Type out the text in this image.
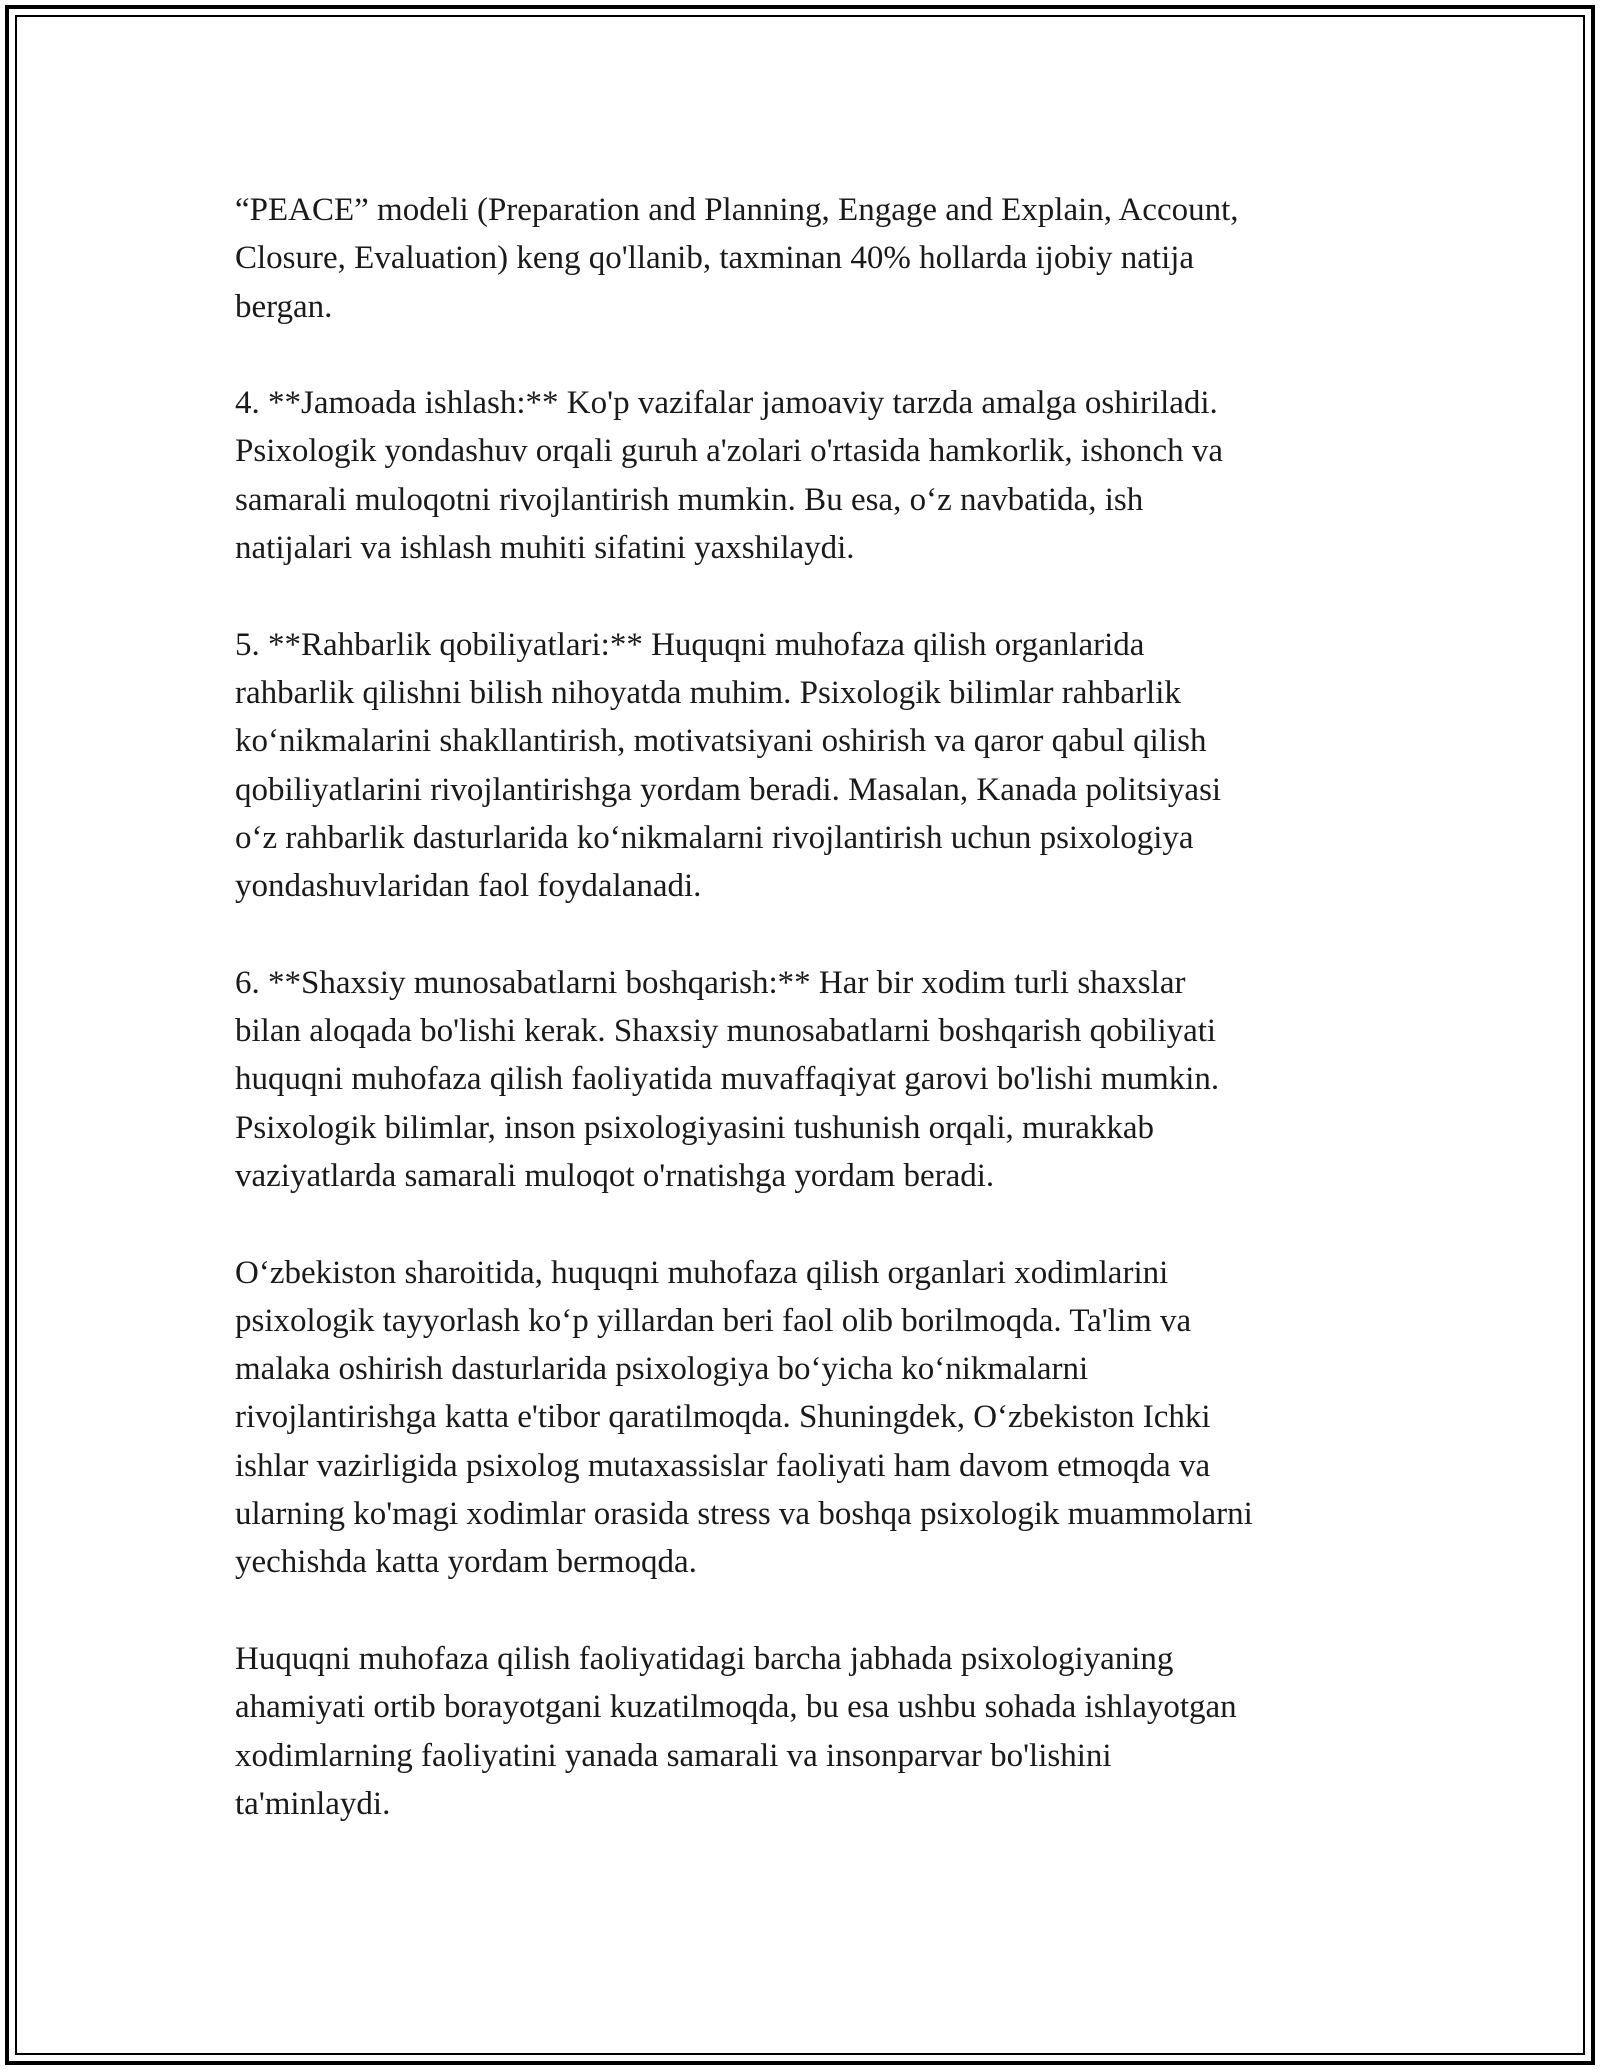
“PEACE” modeli (Preparation and Planning, Engage and Explain, Account,
Closure, Evaluation) keng qo'llanib, taxminan 40% hollarda ijobiy natija
bergan.

4. **Jamoada ishlash:** Ko'p vazifalar jamoaviy tarzda amalga oshiriladi.
Psixologik yondashuv orqali guruh a'zolari o'rtasida hamkorlik, ishonch va
samarali muloqotni rivojlantirish mumkin. Bu esa, o‘z navbatida, ish
natijalari va ishlash muhiti sifatini yaxshilaydi.

5. **Rahbarlik qobiliyatlari:** Huquqni muhofaza qilish organlarida
rahbarlik qilishni bilish nihoyatda muhim. Psixologik bilimlar rahbarlik
ko‘nikmalarini shakllantirish, motivatsiyani oshirish va qaror qabul qilish
qobiliyatlarini rivojlantirishga yordam beradi. Masalan, Kanada politsiyasi
o‘z rahbarlik dasturlarida ko‘nikmalarni rivojlantirish uchun psixologiya
yondashuvlaridan faol foydalanadi.

6. **Shaxsiy munosabatlarni boshqarish:** Har bir xodim turli shaxslar
bilan aloqada bo'lishi kerak. Shaxsiy munosabatlarni boshqarish qobiliyati
huquqni muhofaza qilish faoliyatida muvaffaqiyat garovi bo'lishi mumkin.
Psixologik bilimlar, inson psixologiyasini tushunish orqali, murakkab
vaziyatlarda samarali muloqot o'rnatishga yordam beradi.

O‘zbekiston sharoitida, huquqni muhofaza qilish organlari xodimlarini
psixologik tayyorlash ko‘p yillardan beri faol olib borilmoqda. Ta'lim va
malaka oshirish dasturlarida psixologiya bo‘yicha ko‘nikmalarni
rivojlantirishga katta e'tibor qaratilmoqda. Shuningdek, O‘zbekiston Ichki
ishlar vazirligida psixolog mutaxassislar faoliyati ham davom etmoqda va
ularning ko'magi xodimlar orasida stress va boshqa psixologik muammolarni
yechishda katta yordam bermoqda.

Huquqni muhofaza qilish faoliyatidagi barcha jabhada psixologiyaning
ahamiyati ortib borayotgani kuzatilmoqda, bu esa ushbu sohada ishlayotgan
xodimlarning faoliyatini yanada samarali va insonparvar bo'lishini
ta'minlaydi.
